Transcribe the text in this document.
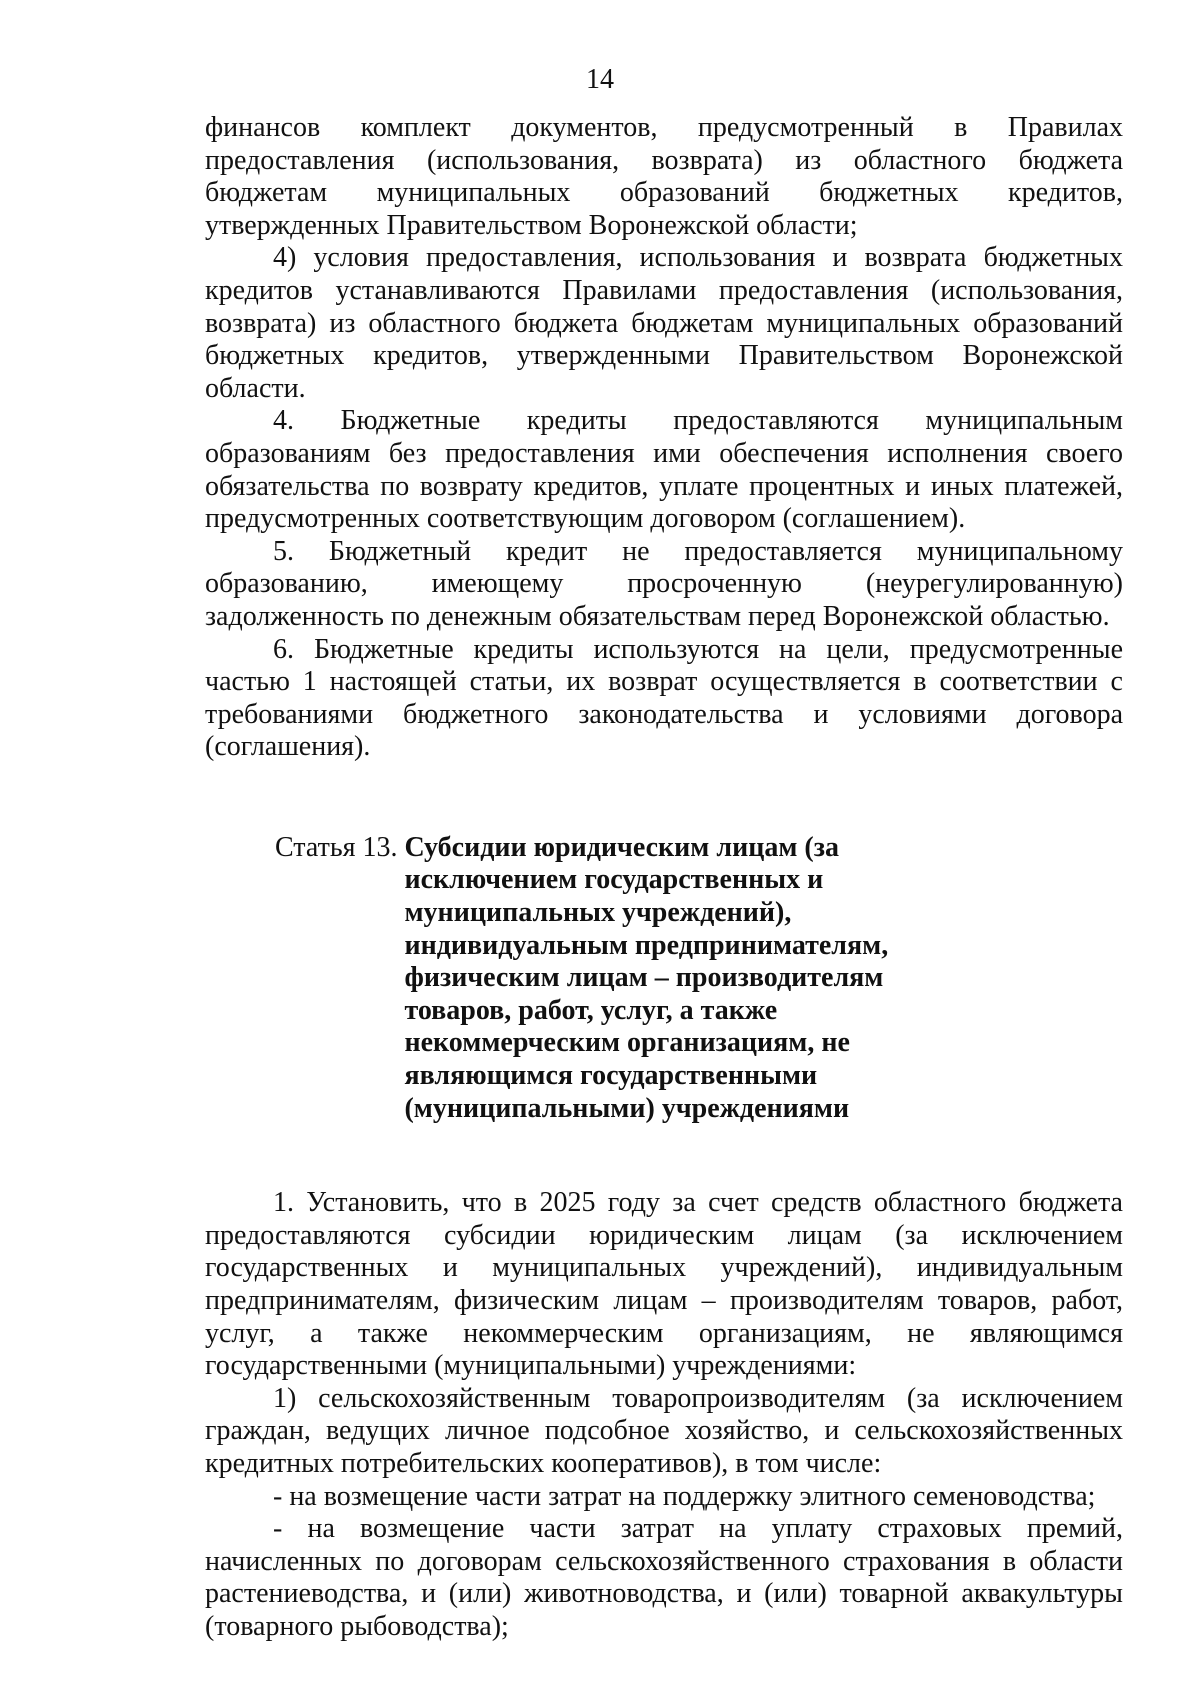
14

финансов комплект документов, предусмотренный в Правилах предоставления (использования, возврата) из областного бюджета бюджетам муниципальных образований бюджетных кредитов, утвержденных Правительством Воронежской области;

4) условия предоставления, использования и возврата бюджетных кредитов устанавливаются Правилами предоставления (использования, возврата) из областного бюджета бюджетам муниципальных образований бюджетных кредитов, утвержденными Правительством Воронежской области.

4. Бюджетные кредиты предоставляются муниципальным образованиям без предоставления ими обеспечения исполнения своего обязательства по возврату кредитов, уплате процентных и иных платежей, предусмотренных соответствующим договором (соглашением).

5. Бюджетный кредит не предоставляется муниципальному образованию, имеющему просроченную (неурегулированную) задолженность по денежным обязательствам перед Воронежской областью.

6. Бюджетные кредиты используются на цели, предусмотренные частью 1 настоящей статьи, их возврат осуществляется в соответствии с требованиями бюджетного законодательства и условиями договора (соглашения).

Статья 13. Субсидии юридическим лицам (за исключением государственных и муниципальных учреждений), индивидуальным предпринимателям, физическим лицам – производителям товаров, работ, услуг, а также некоммерческим организациям, не являющимся государственными (муниципальными) учреждениями

1. Установить, что в 2025 году за счет средств областного бюджета предоставляются субсидии юридическим лицам (за исключением государственных и муниципальных учреждений), индивидуальным предпринимателям, физическим лицам – производителям товаров, работ, услуг, а также некоммерческим организациям, не являющимся государственными (муниципальными) учреждениями:

1) сельскохозяйственным товаропроизводителям (за исключением граждан, ведущих личное подсобное хозяйство, и сельскохозяйственных кредитных потребительских кооперативов), в том числе:

- на возмещение части затрат на поддержку элитного семеноводства;

- на возмещение части затрат на уплату страховых премий, начисленных по договорам сельскохозяйственного страхования в области растениеводства, и (или) животноводства, и (или) товарной аквакультуры (товарного рыбоводства);
